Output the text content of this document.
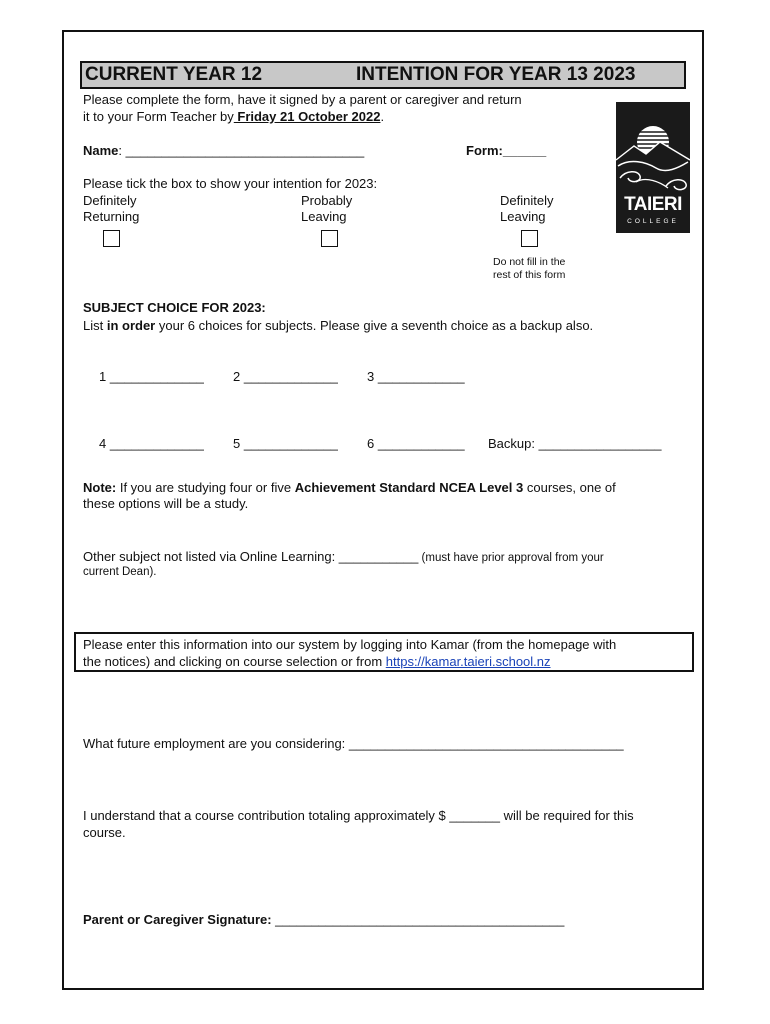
CURRENT YEAR 12	INTENTION FOR YEAR 13 2023
Please complete the form, have it signed by a parent or caregiver and return
it to your Form Teacher by Friday 21 October 2022.
TAIERI
COLLEGE
Name: _________________________________	Form:______
Please tick the box to show your intention for 2023:
Definitely
Returning
Probably
Leaving
Definitely
Leaving
Do not fill in the
rest of this form
SUBJECT CHOICE FOR 2023:
List in order your 6 choices for subjects. Please give a seventh choice as a backup also.
1 _____________ 2 _____________ 3 ____________
4 _____________ 5 _____________ 6 ____________ Backup: _________________
Note: If you are studying four or five Achievement Standard NCEA Level 3 courses, one of
these options will be a study.
Other subject not listed via Online Learning: ___________ (must have prior approval from your
current Dean).
Please enter this information into our system by logging into Kamar (from the homepage with
the notices) and clicking on course selection or from https://kamar.taieri.school.nz
What future employment are you considering: ______________________________________
I understand that a course contribution totaling approximately $ _______ will be required for this
course.
Parent or Caregiver Signature: ________________________________________
